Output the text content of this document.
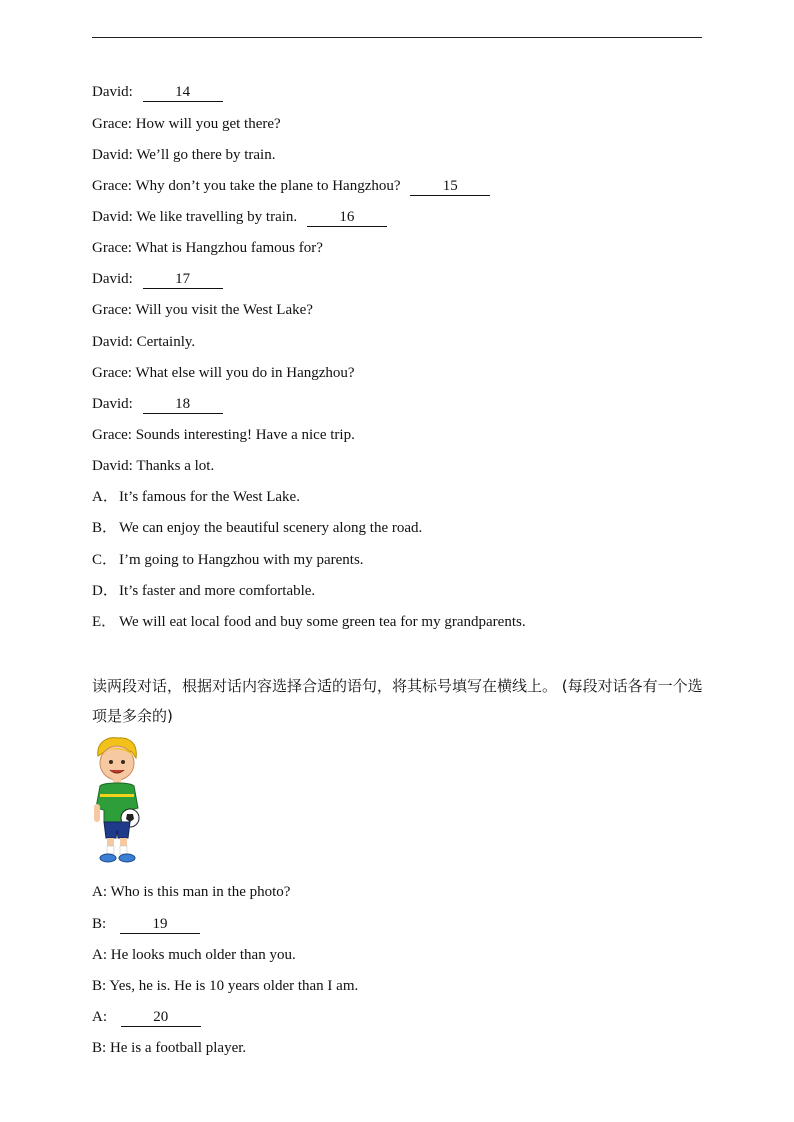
David:	14
Grace: How will you get there?
David: We’ll go there by train.
Grace: Why don’t you take the plane to Hangzhou?	15
David: We like travelling by train.	16
Grace: What is Hangzhou famous for?
David:	17
Grace: Will you visit the West Lake?
David: Certainly.
Grace: What else will you do in Hangzhou?
David:	18
Grace: Sounds interesting! Have a nice trip.
David: Thanks a lot.
A．It’s famous for the West Lake.
B． We can enjoy the beautiful scenery along the road.
C． I’m going to Hangzhou with my parents.
D．It’s faster and more comfortable.
E． We will eat local food and buy some green tea for my grandparents.
读两段对话，根据对话内容选择合适的语句，将其标号填写在横线上。 (每段对话各有一个选项是多余的)
A: Who is this man in the photo?
B:	19
A: He looks much older than you.
B: Yes, he is. He is 10 years older than I am.
A:	20
B: He is a football player.
